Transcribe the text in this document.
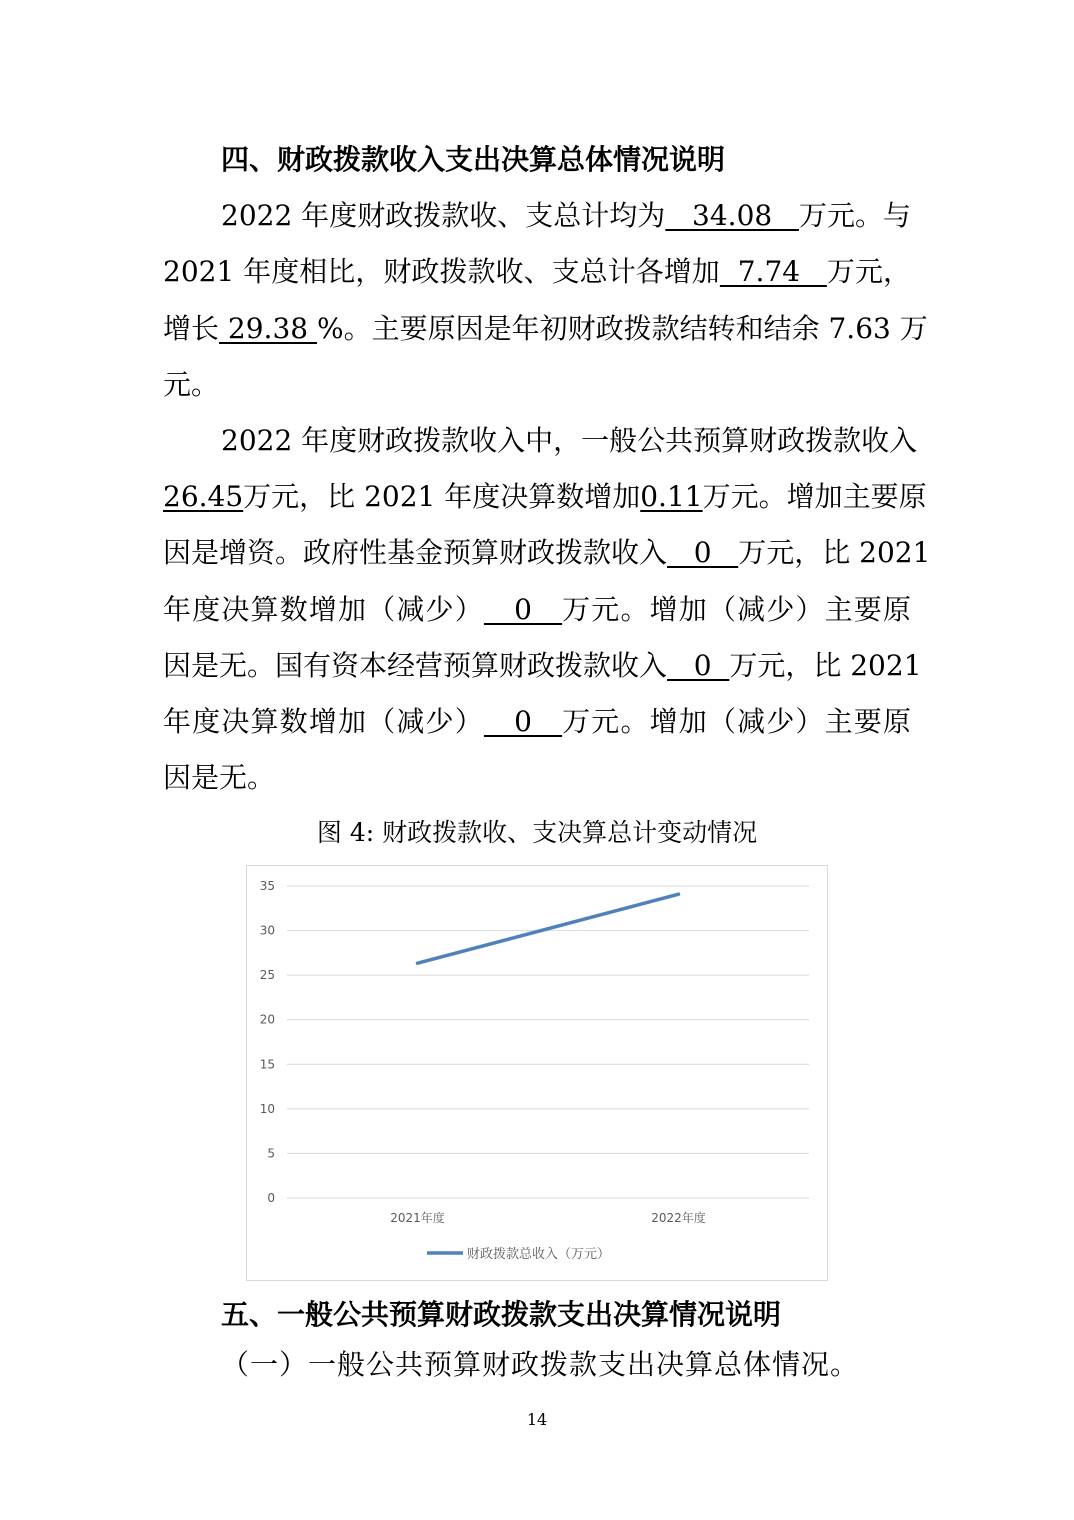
四、财政拨款收入支出决算总体情况说明
2022 年度财政拨款收、支总计均为   34.08   万元。与
2021 年度相比，财政拨款收、支总计各增加  7.74   万元，
增长 29.38 %。主要原因是年初财政拨款结转和结余 7.63 万
元。
2022 年度财政拨款收入中，一般公共预算财政拨款收入
26.45万元，比 2021 年度决算数增加0.11万元。增加主要原
因是增资。政府性基金预算财政拨款收入   0   万元，比 2021
年度决算数增加（减少）   0   万元。增加（减少）主要原
因是无。国有资本经营预算财政拨款收入   0  万元，比 2021
年度决算数增加（减少）   0   万元。增加（减少）主要原
因是无。
图 4: 财政拨款收、支决算总计变动情况
0
5
10
15
20
25
30
35
2021年度	2022年度
财政拨款总收入（万元）
五、一般公共预算财政拨款支出决算情况说明
（一）一般公共预算财政拨款支出决算总体情况。
14
